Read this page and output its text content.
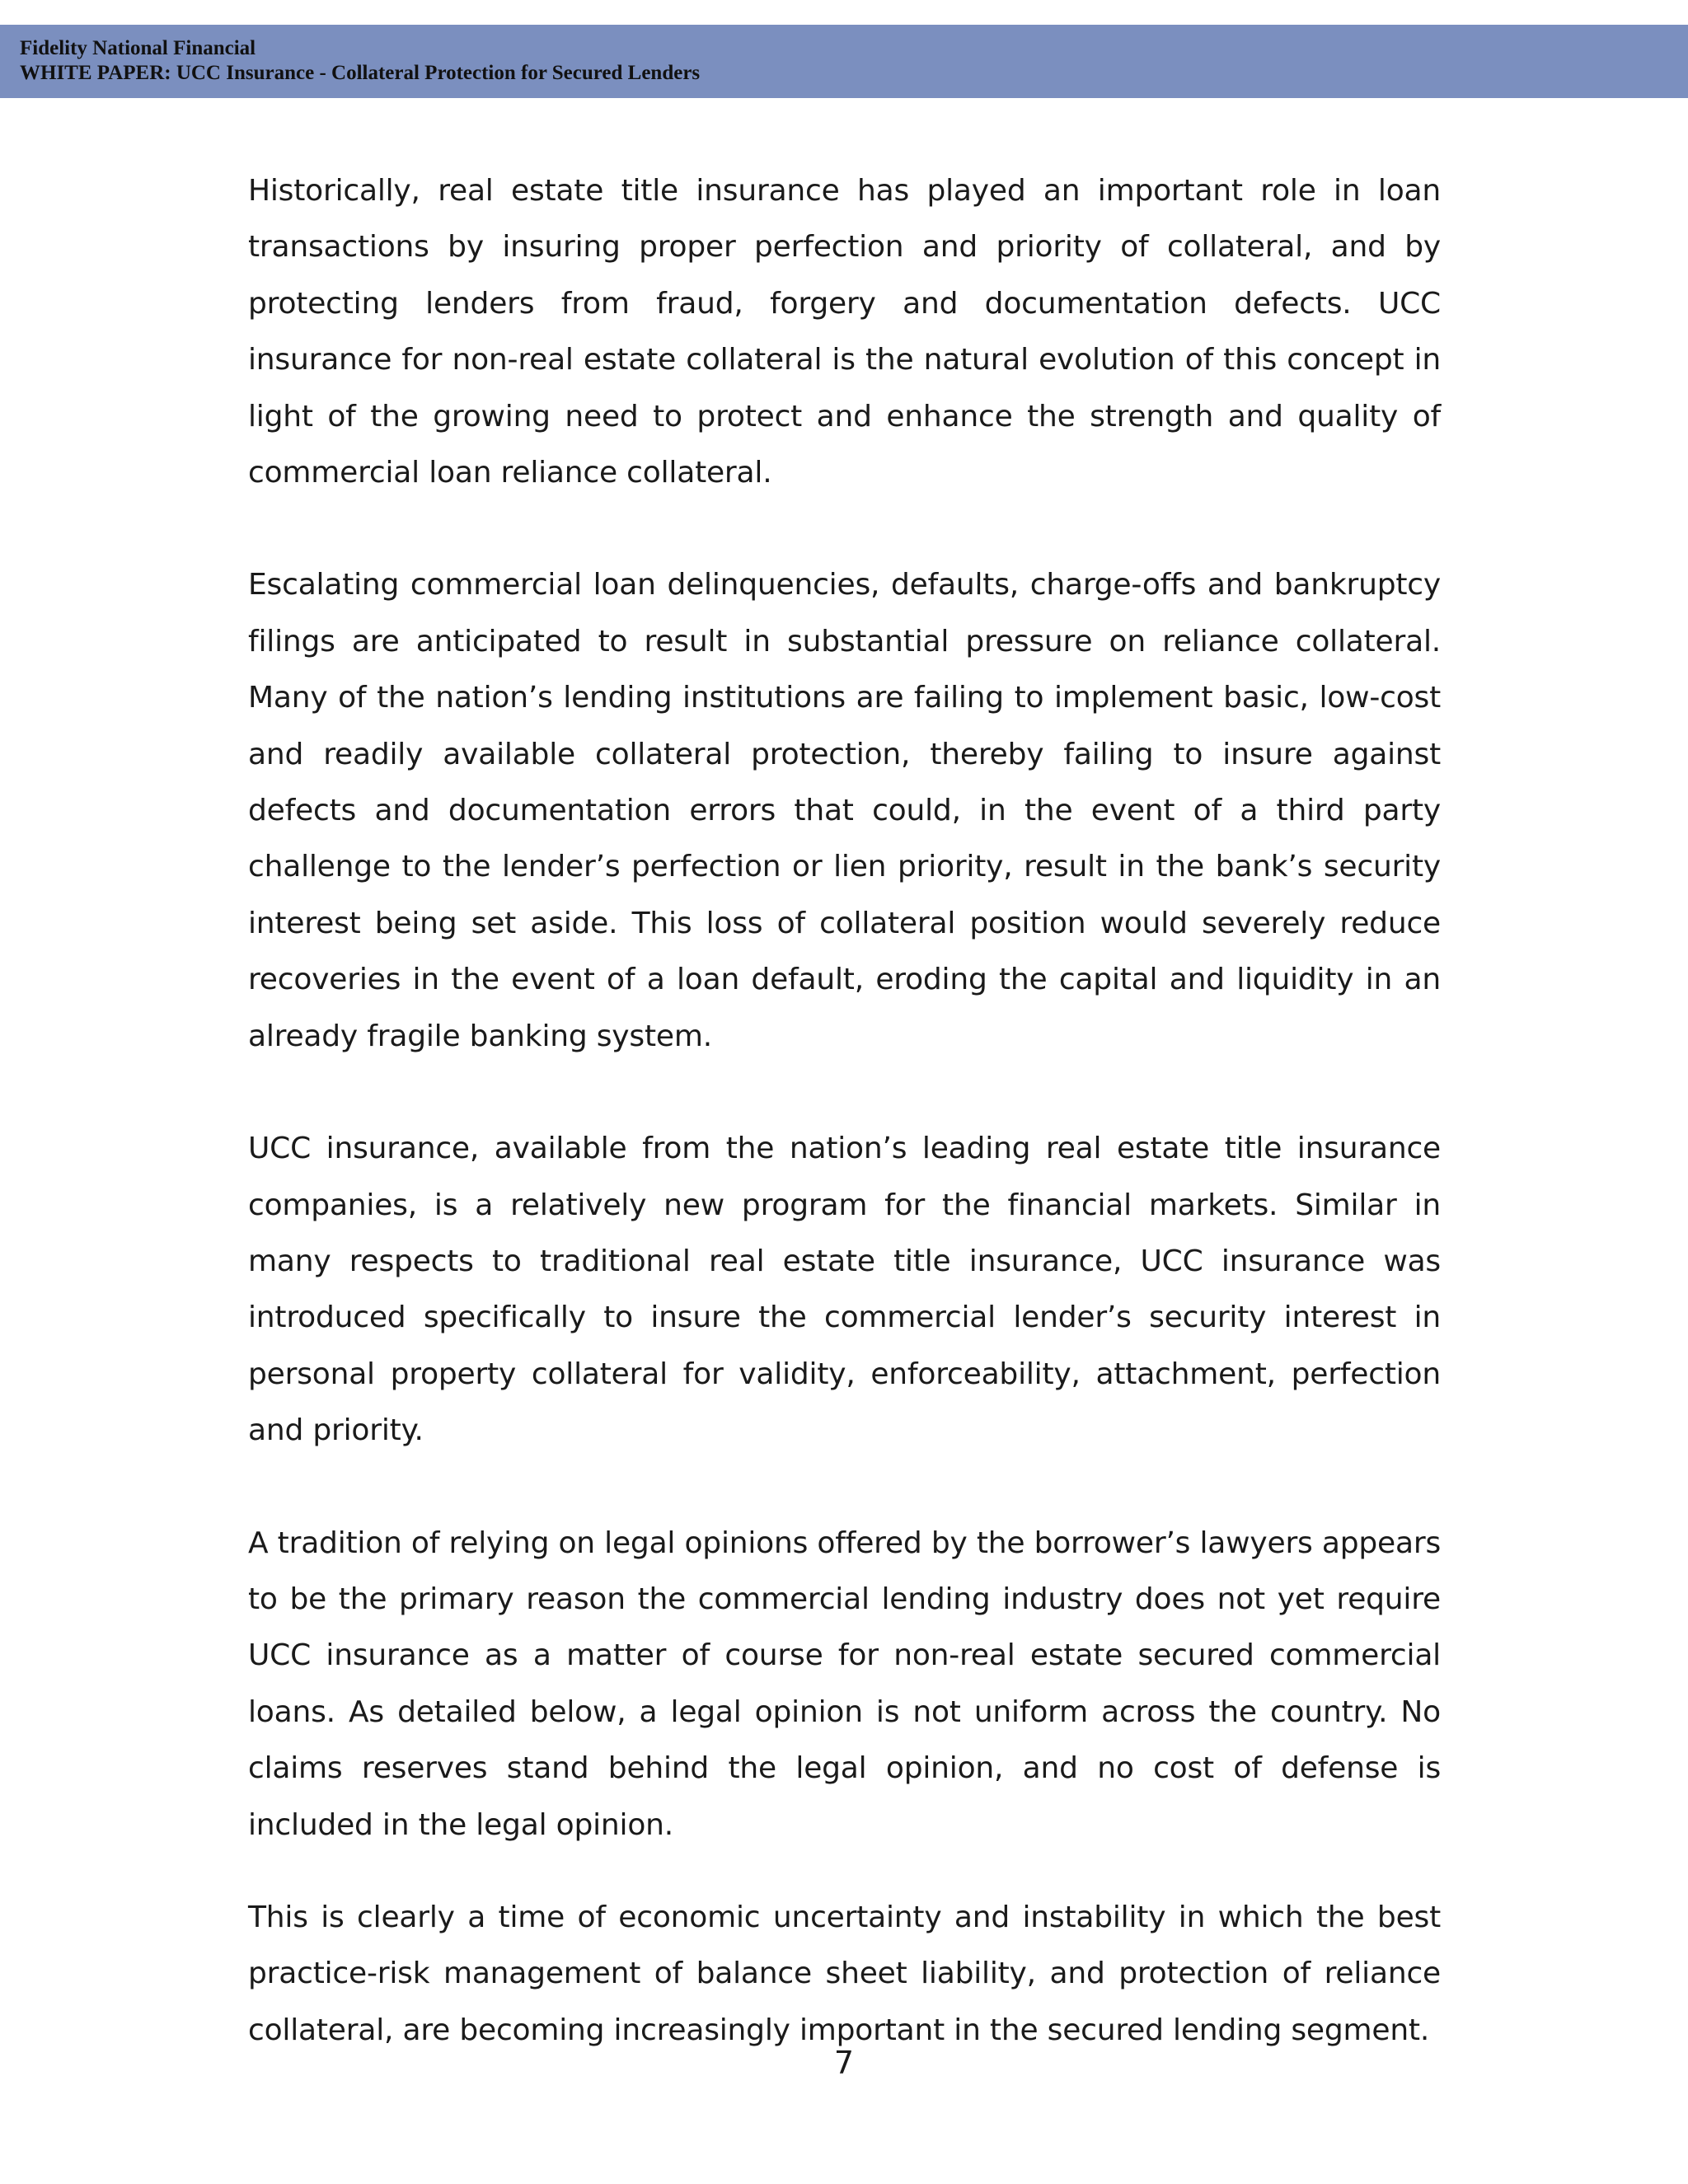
Fidelity National Financial
WHITE PAPER: UCC Insurance - Collateral Protection for Secured Lenders

Historically, real estate title insurance has played an important role in loan transactions by insuring proper perfection and priority of collateral, and by protecting lenders from fraud, forgery and documentation defects. UCC insurance for non-real estate collateral is the natural evolution of this concept in light of the growing need to protect and enhance the strength and quality of commercial loan reliance collateral.

Escalating commercial loan delinquencies, defaults, charge-offs and bankruptcy filings are anticipated to result in substantial pressure on reliance collateral. Many of the nation’s lending institutions are failing to implement basic, low-cost and readily available collateral protection, thereby failing to insure against defects and documentation errors that could, in the event of a third party challenge to the lender’s perfection or lien priority, result in the bank’s security interest being set aside. This loss of collateral position would severely reduce recoveries in the event of a loan default, eroding the capital and liquidity in an already fragile banking system.

UCC insurance, available from the nation’s leading real estate title insurance companies, is a relatively new program for the financial markets. Similar in many respects to traditional real estate title insurance, UCC insurance was introduced specifically to insure the commercial lender’s security interest in personal property collateral for validity, enforceability, attachment, perfection and priority.

A tradition of relying on legal opinions offered by the borrower’s lawyers appears to be the primary reason the commercial lending industry does not yet require UCC insurance as a matter of course for non-real estate secured commercial loans. As detailed below, a legal opinion is not uniform across the country. No claims reserves stand behind the legal opinion, and no cost of defense is included in the legal opinion.

This is clearly a time of economic uncertainty and instability in which the best practice-risk management of balance sheet liability, and protection of reliance collateral, are becoming increasingly important in the secured lending segment.

7
